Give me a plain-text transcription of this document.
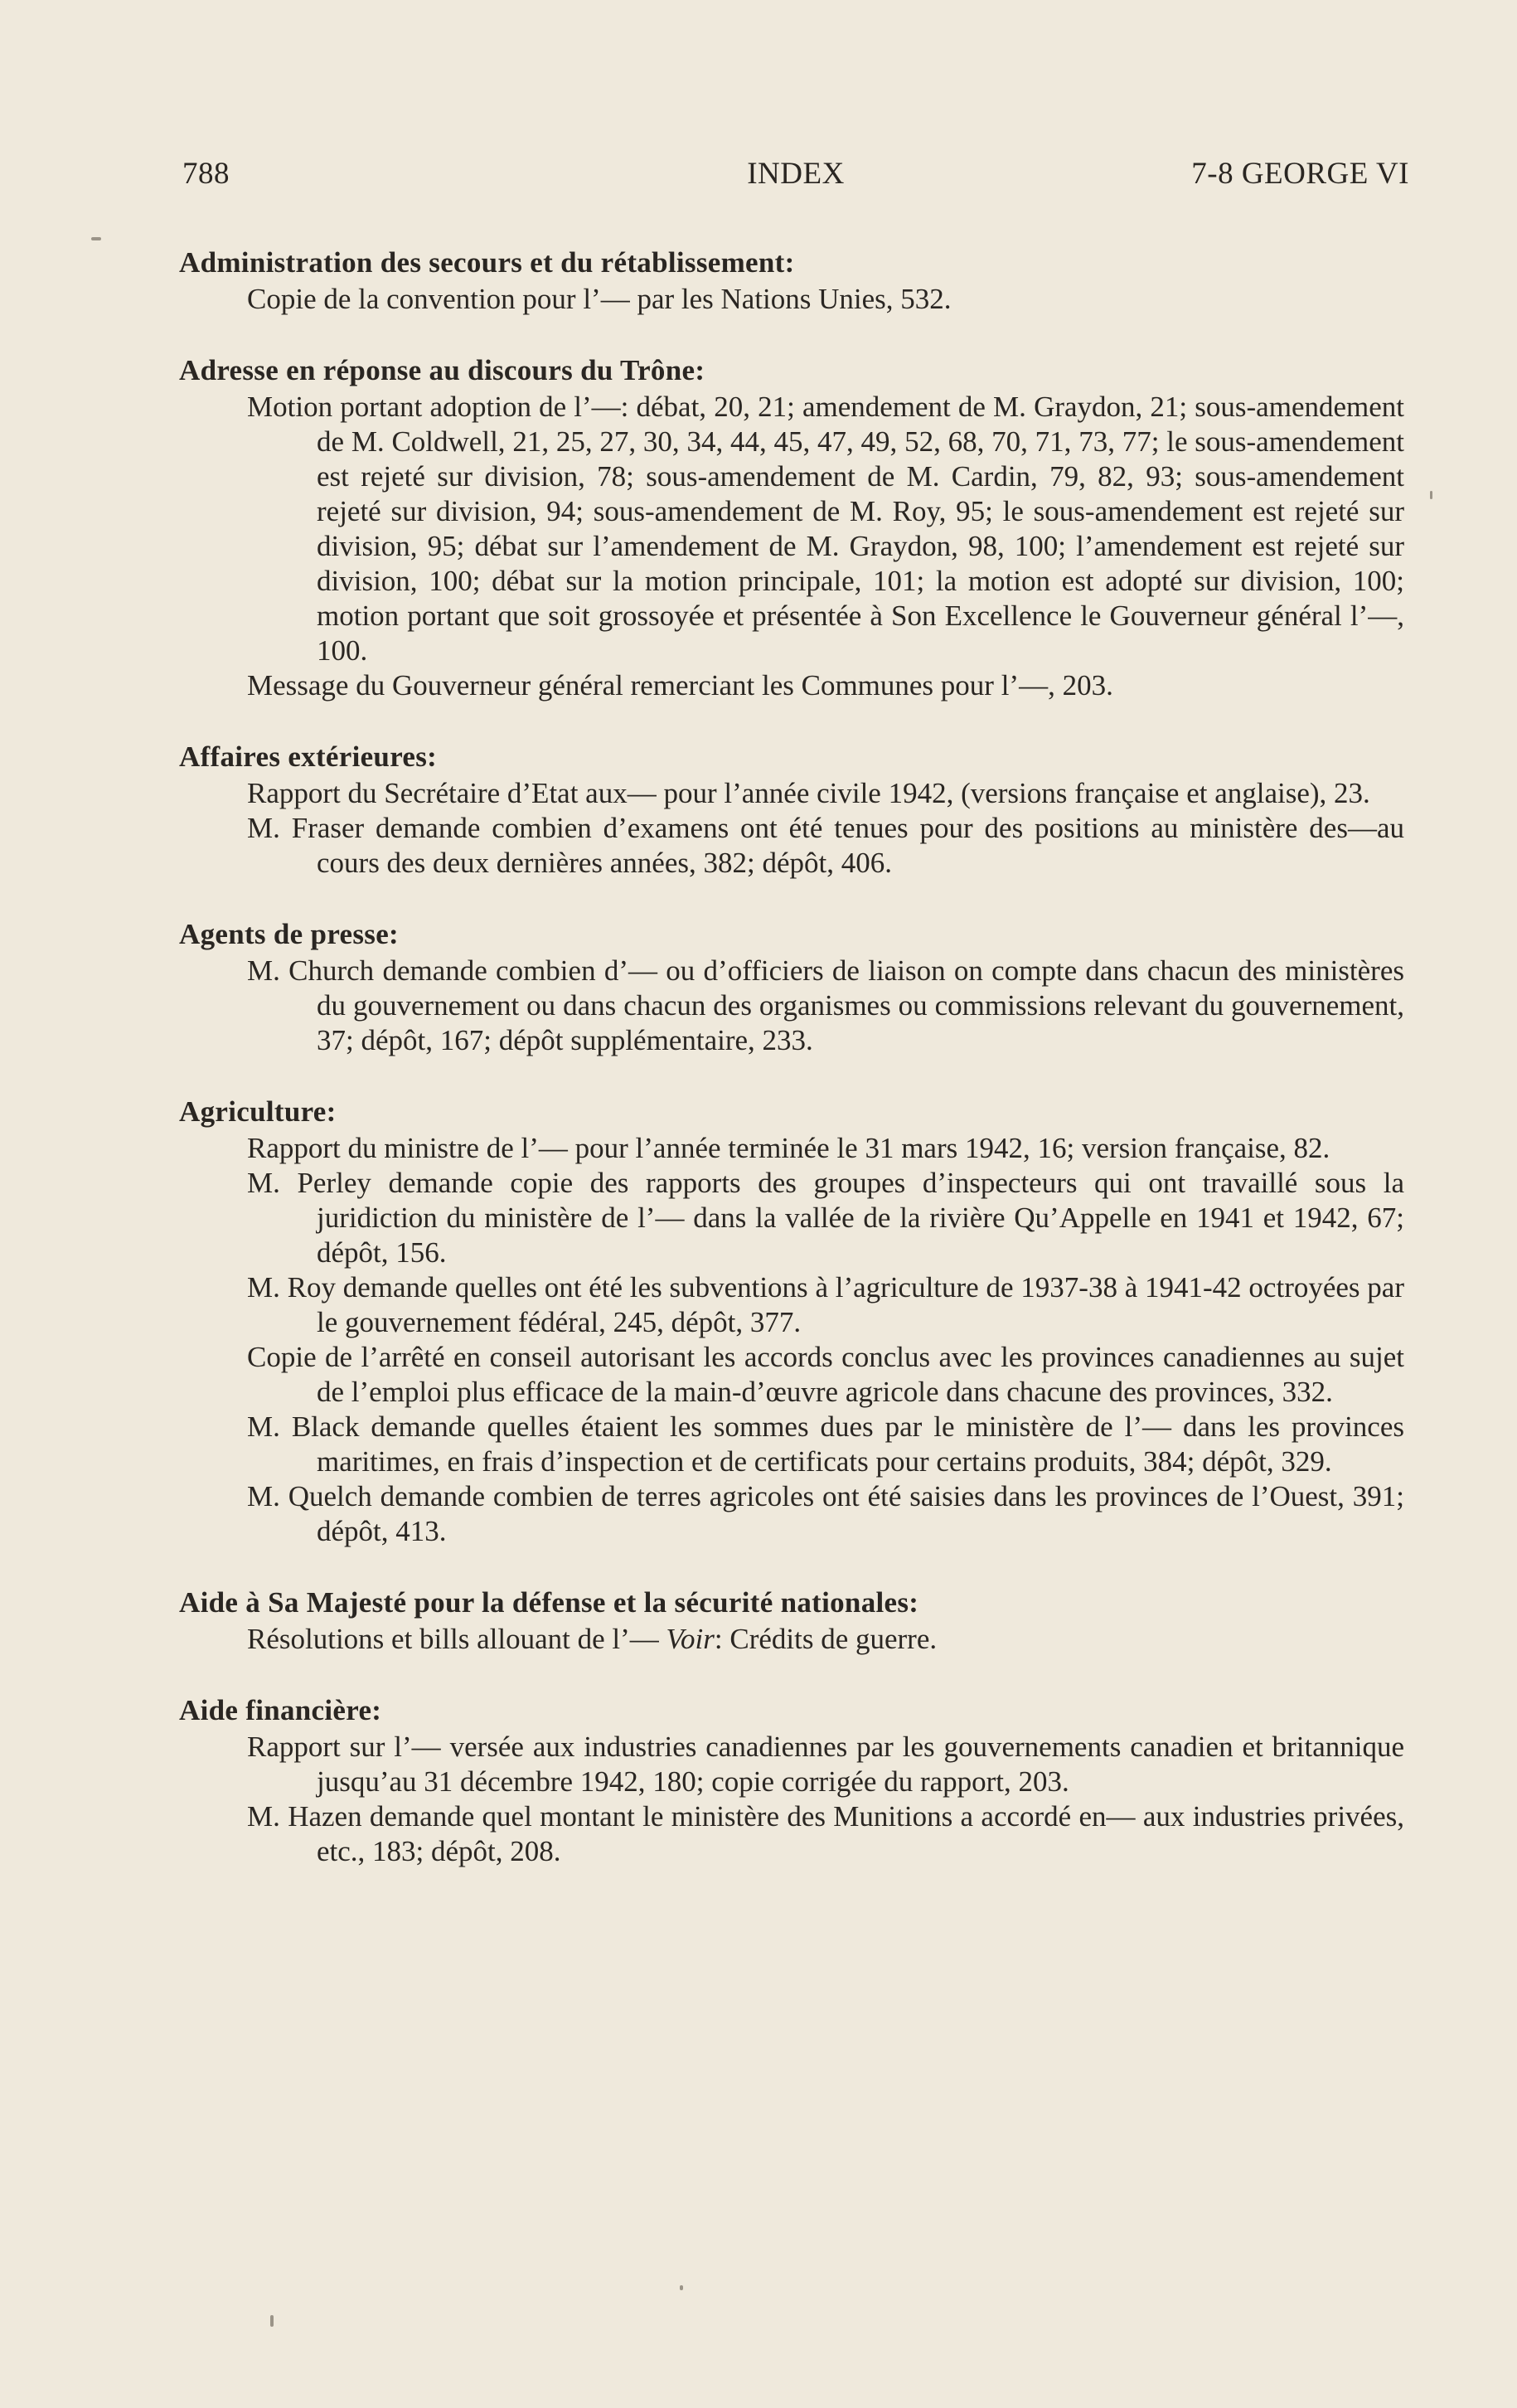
788	INDEX	7-8 GEORGE VI
Administration des secours et du rétablissement:

Copie de la convention pour l’— par les Nations Unies, 532.

Adresse en réponse au discours du Trône:

Motion portant adoption de l’—: débat, 20, 21; amendement de M. Graydon, 21; sous-amendement de M. Coldwell, 21, 25, 27, 30, 34, 44, 45, 47, 49, 52, 68, 70, 71, 73, 77; le sous-amendement est rejeté sur division, 78; sous-amendement de M. Cardin, 79, 82, 93; sous-amendement rejeté sur division, 94; sous-amendement de M. Roy, 95; le sous-amendement est rejeté sur division, 95; débat sur l’amendement de M. Graydon, 98, 100; l’amendement est rejeté sur division, 100; débat sur la motion principale, 101; la motion est adopté sur division, 100; motion portant que soit grossoyée et présentée à Son Excellence le Gouverneur général l’—, 100.

Message du Gouverneur général remerciant les Communes pour l’—, 203.

Affaires extérieures:

Rapport du Secrétaire d’Etat aux— pour l’année civile 1942, (versions française et anglaise), 23.

M. Fraser demande combien d’examens ont été tenues pour des positions au ministère des—au cours des deux dernières années, 382; dépôt, 406.

Agents de presse:

M. Church demande combien d’— ou d’officiers de liaison on compte dans chacun des ministères du gouvernement ou dans chacun des organismes ou commissions relevant du gouvernement, 37; dépôt, 167; dépôt supplémentaire, 233.

Agriculture:

Rapport du ministre de l’— pour l’année terminée le 31 mars 1942, 16; version française, 82.

M. Perley demande copie des rapports des groupes d’inspecteurs qui ont travaillé sous la juridiction du ministère de l’— dans la vallée de la rivière Qu’Appelle en 1941 et 1942, 67; dépôt, 156.

M. Roy demande quelles ont été les subventions à l’agriculture de 1937-38 à 1941-42 octroyées par le gouvernement fédéral, 245, dépôt, 377.

Copie de l’arrêté en conseil autorisant les accords conclus avec les provinces canadiennes au sujet de l’emploi plus efficace de la main-d’œuvre agricole dans chacune des provinces, 332.

M. Black demande quelles étaient les sommes dues par le ministère de l’— dans les provinces maritimes, en frais d’inspection et de certificats pour certains produits, 384; dépôt, 329.

M. Quelch demande combien de terres agricoles ont été saisies dans les provinces de l’Ouest, 391; dépôt, 413.

Aide à Sa Majesté pour la défense et la sécurité nationales:

Résolutions et bills allouant de l’— Voir: Crédits de guerre.

Aide financière:

Rapport sur l’— versée aux industries canadiennes par les gouvernements canadien et britannique jusqu’au 31 décembre 1942, 180; copie corrigée du rapport, 203.

M. Hazen demande quel montant le ministère des Munitions a accordé en— aux industries privées, etc., 183; dépôt, 208.
